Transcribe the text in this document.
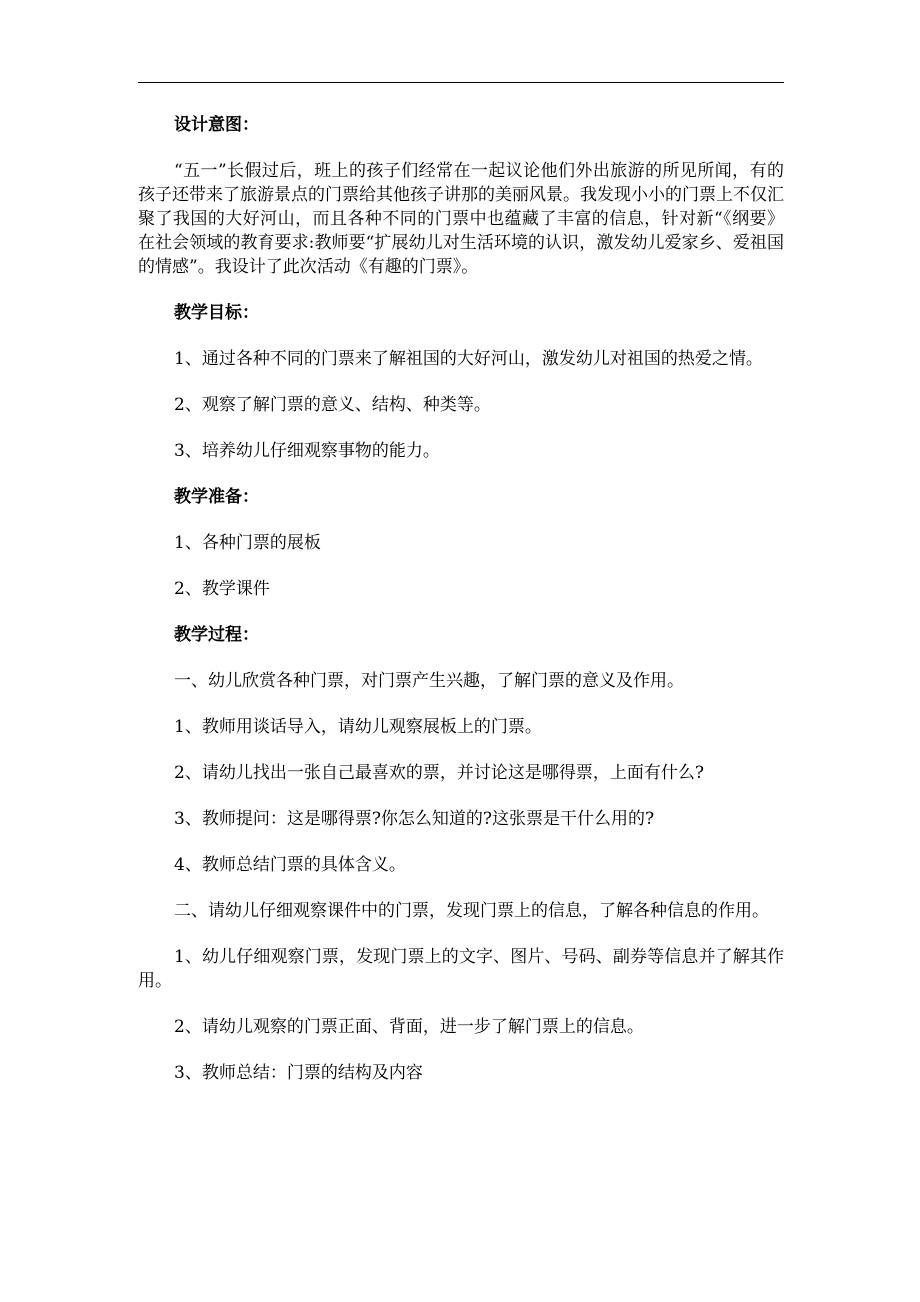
设计意图：

“五一”长假过后，班上的孩子们经常在一起议论他们外出旅游的所见所闻，有的孩子还带来了旅游景点的门票给其他孩子讲那的美丽风景。我发现小小的门票上不仅汇聚了我国的大好河山，而且各种不同的门票中也蕴藏了丰富的信息，针对新“《纲要》在社会领域的教育要求:教师要“扩展幼儿对生活环境的认识，激发幼儿爱家乡、爱祖国的情感”。我设计了此次活动《有趣的门票》。

教学目标：

1、通过各种不同的门票来了解祖国的大好河山，激发幼儿对祖国的热爱之情。

2、观察了解门票的意义、结构、种类等。

3、培养幼儿仔细观察事物的能力。

教学准备：

1、各种门票的展板

2、教学课件

教学过程：

一、幼儿欣赏各种门票，对门票产生兴趣，了解门票的意义及作用。

1、教师用谈话导入，请幼儿观察展板上的门票。

2、请幼儿找出一张自己最喜欢的票，并讨论这是哪得票，上面有什么?

3、教师提问：这是哪得票?你怎么知道的?这张票是干什么用的?

4、教师总结门票的具体含义。

二、请幼儿仔细观察课件中的门票，发现门票上的信息，了解各种信息的作用。

1、幼儿仔细观察门票，发现门票上的文字、图片、号码、副券等信息并了解其作用。

2、请幼儿观察的门票正面、背面，进一步了解门票上的信息。

3、教师总结：门票的结构及内容
